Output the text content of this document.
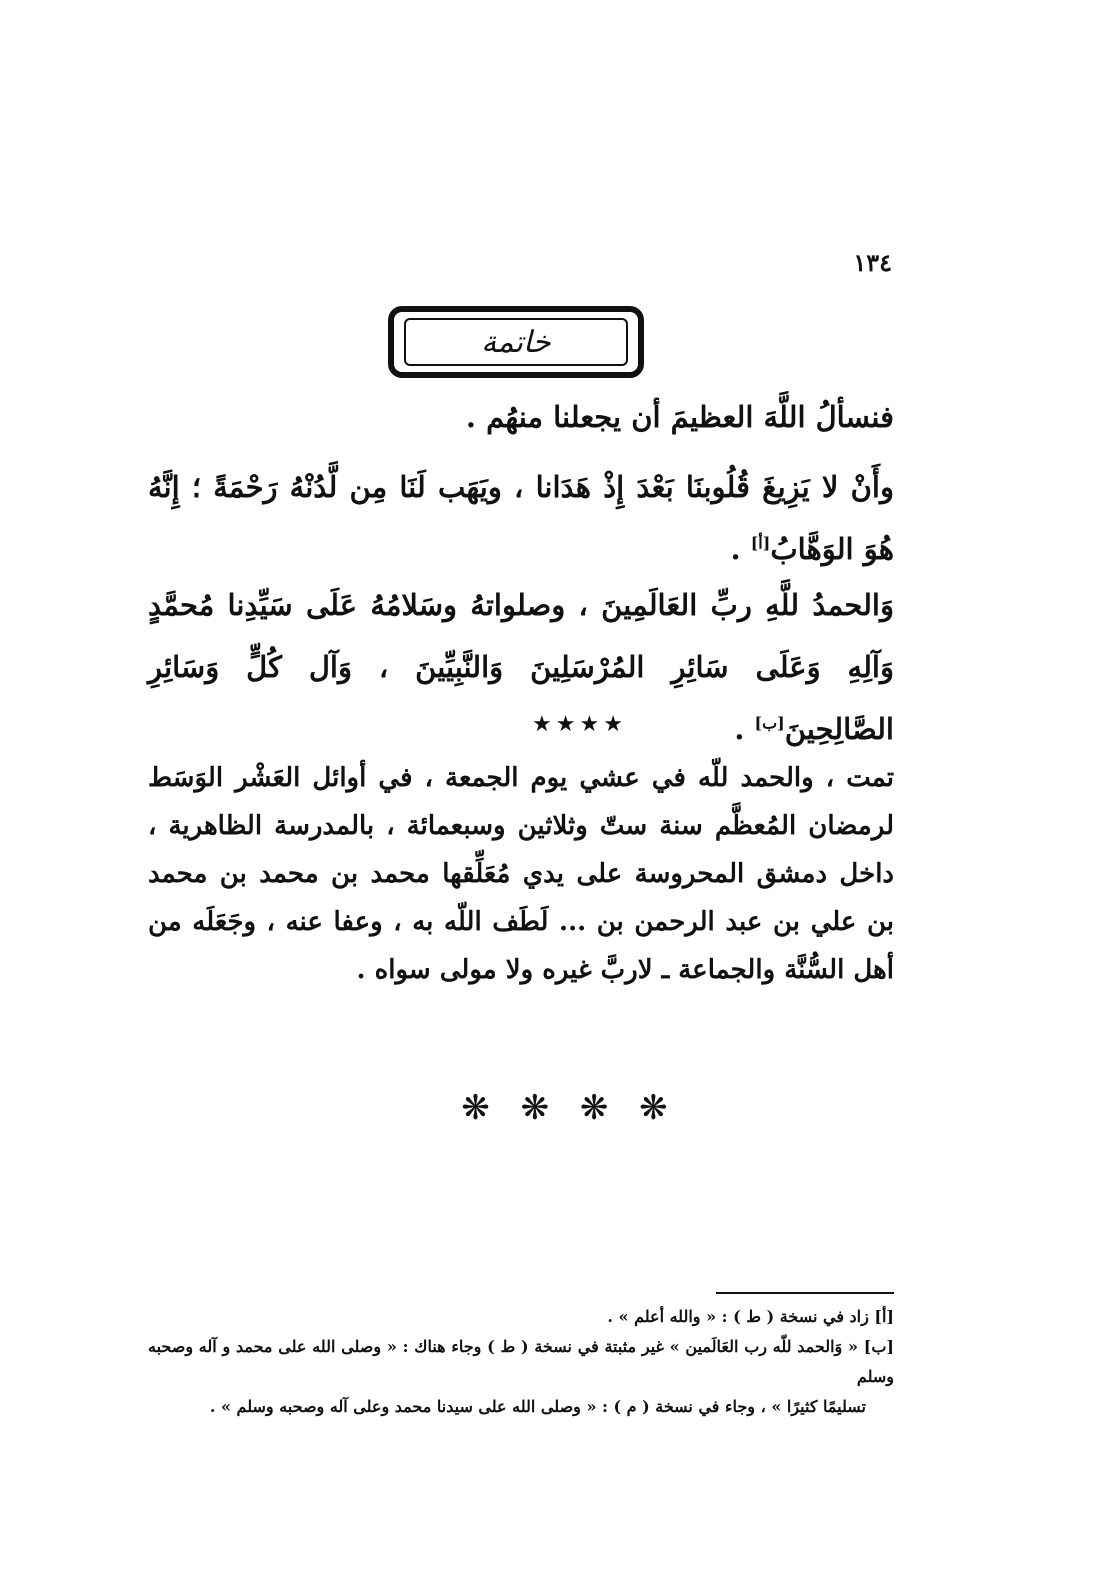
١٣٤
خاتمة
فنسألُ اللَّهَ العظيمَ أن يجعلنا منهُم .
وأَنْ لا يَزِيغَ قُلُوبنَا بَعْدَ إِذْ هَدَانا ، ويَهَب لَنَا مِن لَّدُنْهُ رَحْمَةً ؛ إِنَّهُ هُوَ الوَهَّابُ[أ] .
وَالحمدُ للَّهِ ربِّ العَالَمِينَ ، وصلواتهُ وسَلامُهُ عَلَى سَيِّدِنا مُحمَّدٍ وَآلِهِ وَعَلَى سَائِرِ المُرْسَلِينَ وَالنَّبِيِّينَ ، وَآل كُلٍّ وَسَائِرِ الصَّالِحِينَ[ب] .
★★★★
تمت ، والحمد للّه في عشي يوم الجمعة ، في أوائل العَشْر الوَسَط لرمضان المُعظَّم سنة ستّ وثلاثين وسبعمائة ، بالمدرسة الظاهرية ، داخل دمشق المحروسة على يدي مُعَلِّقها محمد بن محمد بن محمد بن علي بن عبد الرحمن بن ... لَطَف اللّه به ، وعفا عنه ، وجَعَلَه من أهل السُّنَّة والجماعة ـ لاربَّ غيره ولا مولى سواه .
❋ ❋ ❋ ❋

[أ] زاد في نسخة ( ط ) : « والله أعلم » .

[ب] « وَالحمد للّه رب العَالَمين » غير مثبتة في نسخة ( ط ) وجاء هناك : « وصلى الله على محمد و آله وصحبه وسلم

تسليمًا كثيرًا » ، وجاء في نسخة ( م ) : « وصلى الله على سيدنا محمد وعلى آله وصحبه وسلم » .
